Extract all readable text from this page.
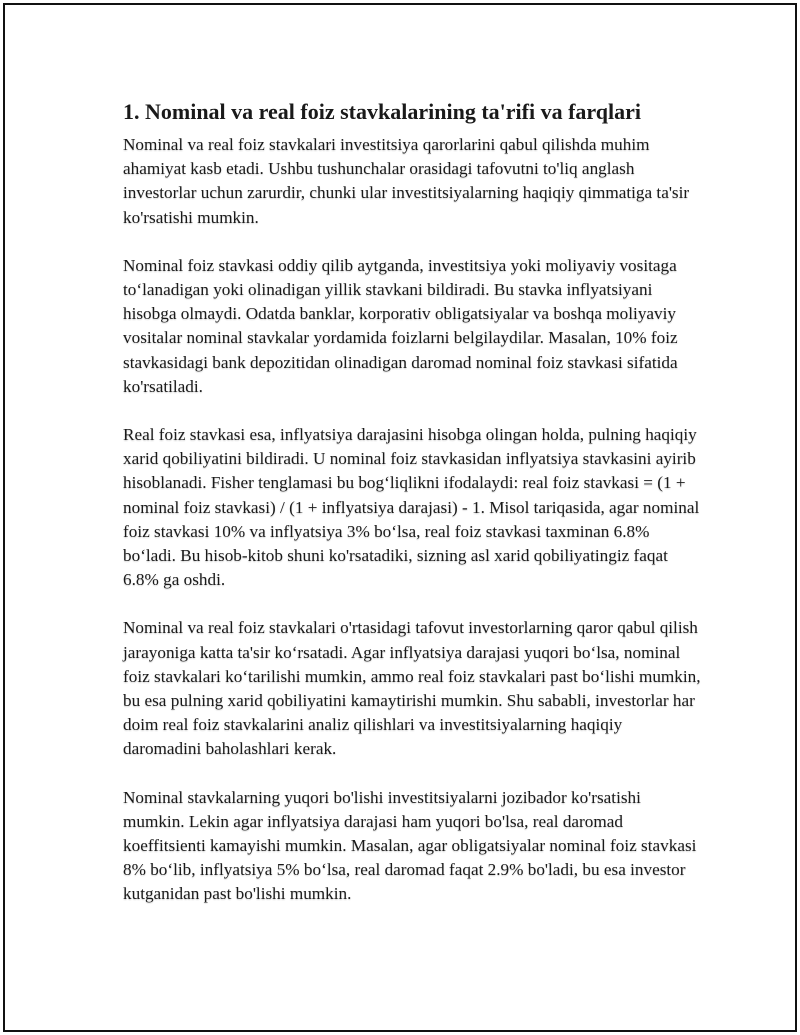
1. Nominal va real foiz stavkalarining ta'rifi va farqlari

Nominal va real foiz stavkalari investitsiya qarorlarini qabul qilishda muhim ahamiyat kasb etadi. Ushbu tushunchalar orasidagi tafovutni to'liq anglash investorlar uchun zarurdir, chunki ular investitsiyalarning haqiqiy qimmatiga ta'sir ko'rsatishi mumkin.

Nominal foiz stavkasi oddiy qilib aytganda, investitsiya yoki moliyaviy vositaga to‘lanadigan yoki olinadigan yillik stavkani bildiradi. Bu stavka inflyatsiyani hisobga olmaydi. Odatda banklar, korporativ obligatsiyalar va boshqa moliyaviy vositalar nominal stavkalar yordamida foizlarni belgilaydilar. Masalan, 10% foiz stavkasidagi bank depozitidan olinadigan daromad nominal foiz stavkasi sifatida ko'rsatiladi.

Real foiz stavkasi esa, inflyatsiya darajasini hisobga olingan holda, pulning haqiqiy xarid qobiliyatini bildiradi. U nominal foiz stavkasidan inflyatsiya stavkasini ayirib hisoblanadi. Fisher tenglamasi bu bog‘liqlikni ifodalaydi: real foiz stavkasi = (1 + nominal foiz stavkasi) / (1 + inflyatsiya darajasi) - 1. Misol tariqasida, agar nominal foiz stavkasi 10% va inflyatsiya 3% bo‘lsa, real foiz stavkasi taxminan 6.8% bo‘ladi. Bu hisob-kitob shuni ko'rsatadiki, sizning asl xarid qobiliyatingiz faqat 6.8% ga oshdi.

Nominal va real foiz stavkalari o'rtasidagi tafovut investorlarning qaror qabul qilish jarayoniga katta ta'sir ko‘rsatadi. Agar inflyatsiya darajasi yuqori bo‘lsa, nominal foiz stavkalari ko‘tarilishi mumkin, ammo real foiz stavkalari past bo‘lishi mumkin, bu esa pulning xarid qobiliyatini kamaytirishi mumkin. Shu sababli, investorlar har doim real foiz stavkalarini analiz qilishlari va investitsiyalarning haqiqiy daromadini baholashlari kerak.

Nominal stavkalarning yuqori bo'lishi investitsiyalarni jozibador ko'rsatishi mumkin. Lekin agar inflyatsiya darajasi ham yuqori bo'lsa, real daromad koeffitsienti kamayishi mumkin. Masalan, agar obligatsiyalar nominal foiz stavkasi 8% bo‘lib, inflyatsiya 5% bo‘lsa, real daromad faqat 2.9% bo'ladi, bu esa investor kutganidan past bo'lishi mumkin.
